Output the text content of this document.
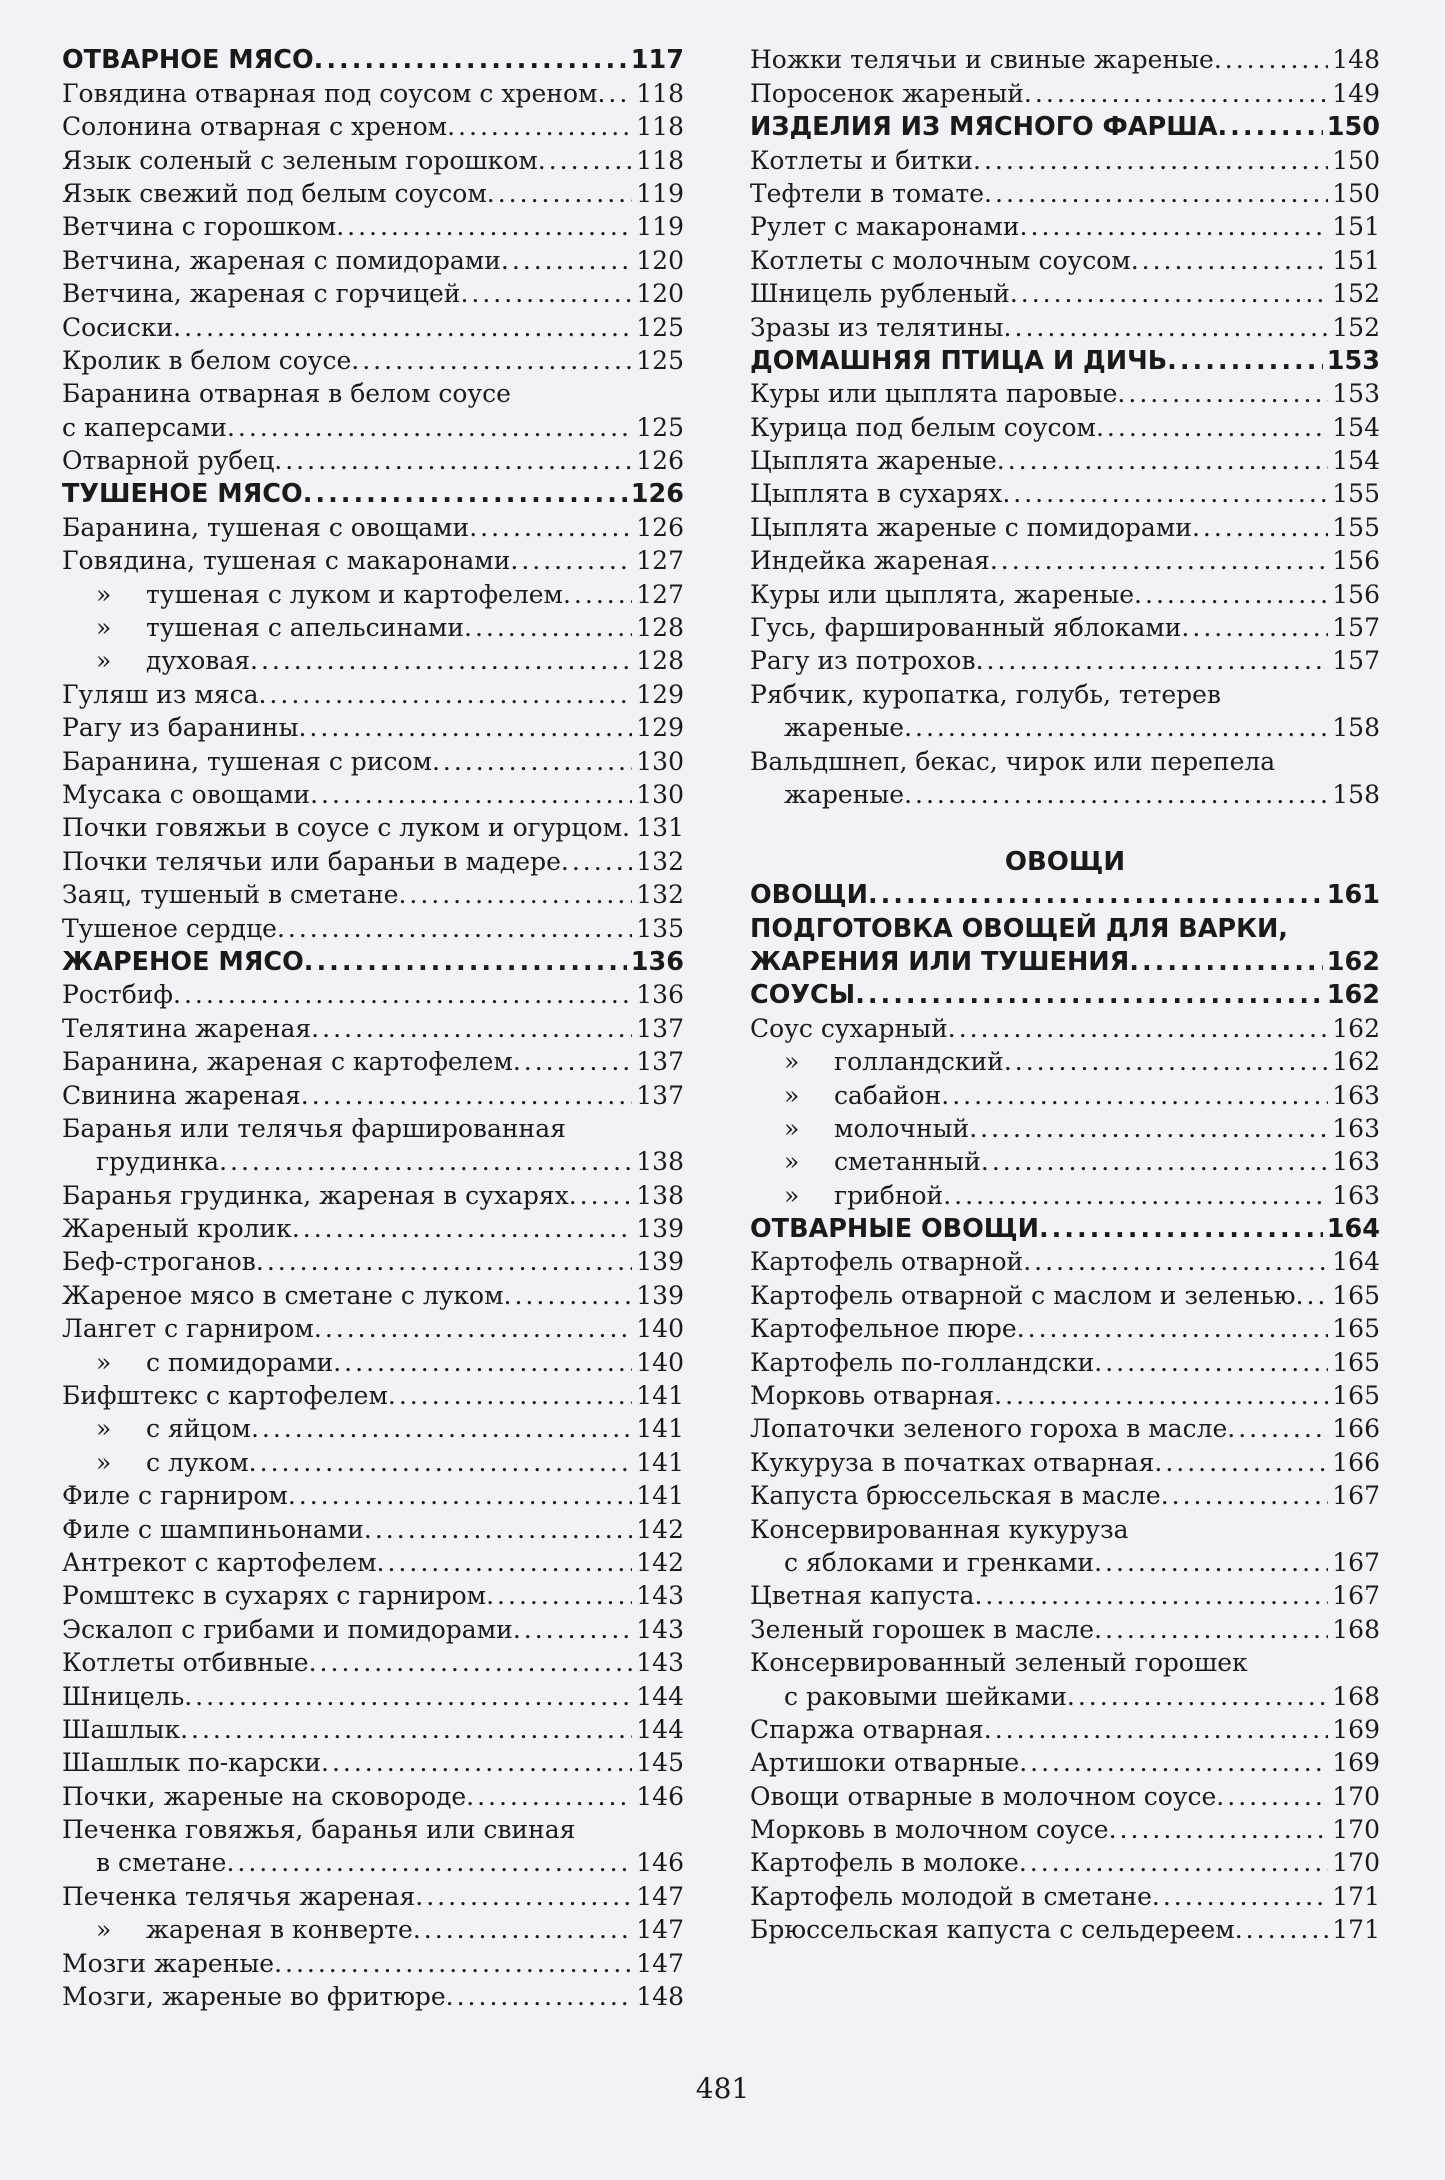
ОТВАРНОЕ МЯСО .....	117
Говядина отварная под соусом с хреном ..... 118
Солонина отварная с хреном .....	118
Язык соленый с зеленым горошком .....	118
Язык свежий под белым соусом .....	119
Ветчина с горошком .....	119
Ветчина, жареная с помидорами .....	120
Ветчина, жареная с горчицей .....	120
Сосиски .....	125
Кролик в белом соусе .....	125
Баранина отварная в белом соусе
с каперсами .....	125
Отварной рубец .....	126
ТУШЕНОЕ МЯСО .....	126
Баранина, тушеная с овощами .....	126
Говядина, тушеная с макаронами .....	127
»	тушеная с луком и картофелем .....	127
»	тушеная с апельсинами .....	128
»	духовая .....	128
Гуляш из мяса .....	129
Рагу из баранины .....	129
Баранина, тушеная с рисом .....	130
Мусака с овощами .....	130
Почки говяжьи в соусе с луком и огурцом ..... 131
Почки телячьи или бараньи в мадере .....	132
Заяц, тушеный в сметане .....	132
Тушеное сердце .....	135
ЖАРЕНОЕ МЯСО .....	136
Ростбиф .....	136
Телятина жареная .....	137
Баранина, жареная с картофелем .....	137
Свинина жареная .....	137
Баранья или телячья фаршированная
грудинка .....	138
Баранья грудинка, жареная в сухарях .....	138
Жареный кролик .....	139
Беф-строганов .....	139
Жареное мясо в сметане с луком .....	139
Лангет с гарниром .....	140
»	с помидорами .....	140
Бифштекс с картофелем .....	141
»	с яйцом .....	141
»	с луком .....	141
Филе с гарниром .....	141
Филе с шампиньонами .....	142
Антрекот с картофелем .....	142
Ромштекс в сухарях с гарниром .....	143
Эскалоп с грибами и помидорами .....	143
Котлеты отбивные .....	143
Шницель .....	144
Шашлык .....	144
Шашлык по-карски .....	145
Почки, жареные на сковороде .....	146
Печенка говяжья, баранья или свиная
в сметане .....	146
Печенка телячья жареная .....	147
»	жареная в конверте .....	147
Мозги жареные .....	147
Мозги, жареные во фритюре .....	148
Ножки телячьи и свиные жареные .....	148
Поросенок жареный .....	149
ИЗДЕЛИЯ ИЗ МЯСНОГО ФАРША .....	150
Котлеты и битки .....	150
Тефтели в томате .....	150
Рулет с макаронами .....	151
Котлеты с молочным соусом .....	151
Шницель рубленый .....	152
Зразы из телятины .....	152
ДОМАШНЯЯ ПТИЦА И ДИЧЬ .....	153
Куры или цыплята паровые .....	153
Курица под белым соусом .....	154
Цыплята жареные .....	154
Цыплята в сухарях .....	155
Цыплята жареные с помидорами .....	155
Индейка жареная .....	156
Куры или цыплята, жареные .....	156
Гусь, фаршированный яблоками .....	157
Рагу из потрохов .....	157
Рябчик, куропатка, голубь, тетерев
жареные .....	158
Вальдшнеп, бекас, чирок или перепела
жареные .....	158
ОВОЩИ
ОВОЩИ .....	161
ПОДГОТОВКА ОВОЩЕЙ ДЛЯ ВАРКИ,
ЖАРЕНИЯ ИЛИ ТУШЕНИЯ .....	162
СОУСЫ .....	162
Соус сухарный .....	162
»	голландский .....	162
»	сабайон .....	163
»	молочный .....	163
»	сметанный .....	163
»	грибной .....	163
ОТВАРНЫЕ ОВОЩИ .....	164
Картофель отварной .....	164
Картофель отварной с маслом и зеленью ..... 165
Картофельное пюре .....	165
Картофель по-голландски .....	165
Морковь отварная .....	165
Лопаточки зеленого гороха в масле .....	166
Кукуруза в початках отварная .....	166
Капуста брюссельская в масле .....	167
Консервированная кукуруза
с яблоками и гренками .....	167
Цветная капуста .....	167
Зеленый горошек в масле .....	168
Консервированный зеленый горошек
с раковыми шейками .....	168
Спаржа отварная .....	169
Артишоки отварные .....	169
Овощи отварные в молочном соусе .....	170
Морковь в молочном соусе .....	170
Картофель в молоке .....	170
Картофель молодой в сметане .....	171
Брюссельская капуста с сельдереем .....	171
481
